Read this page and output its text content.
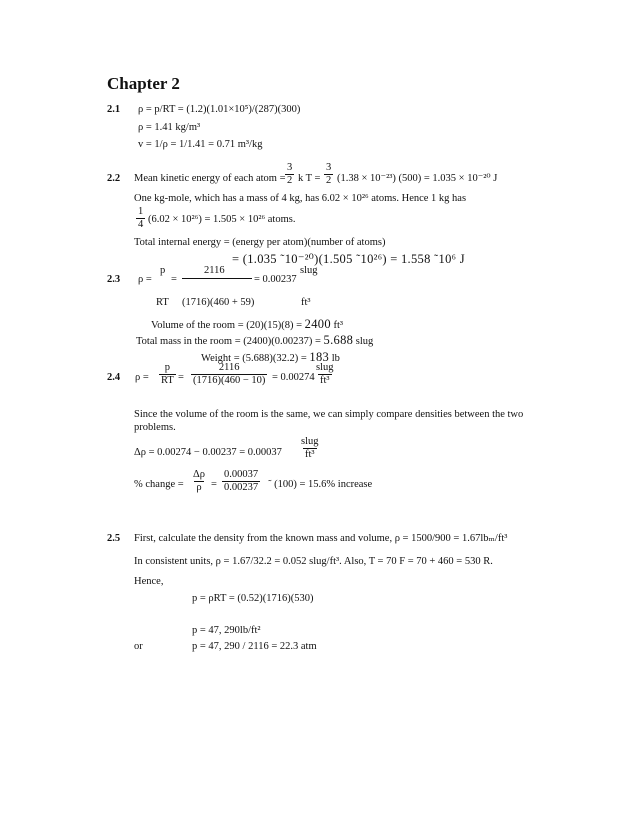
Chapter 2
2.1 ρ = p/RT = (1.2)(1.01×10⁵)/(287)(300)
ρ = 1.41 kg/m³
v = 1/ρ = 1/1.41 = 0.71 m³/kg
2.2 Mean kinetic energy of each atom = $\frac{3}{2}$ k $T = \frac{3}{2} (1.38 \times 10^{-23}) (500) = 1.035 \times 10^{-20}$ J
One kg-mole, which has a mass of 4 kg, has 6.02 × 10²⁶ atoms. Hence 1 kg has
$\frac{1}{4} (6.02 \times 10^{26}) = 1.505 \times 10^{26}$ atoms.
Total internal energy = (energy per atom)(number of atoms)
= (1.035 ˜10⁻²⁰)(1.505 ˜10²⁶) = 1.558 ˜10⁶ J
2.3 ρ =
p
=
2116
= 0.00237
slug
RT (1716)(460 + 59)	ft³
Volume of the room = (20)(15)(8) = 2400 ft³
Total mass in the room = (2400)(0.00237) = 5.688 slug
Weight = (5.688)(32.2) = 183 lb
2.4 $\rho = \frac{p}{RT} = \frac{2116}{(1716)(460 - 10)} = 0.00274$
slug
ft³
Since the volume of the room is the same, we can simply compare densities between the two
problems.
Δρ = 0.00274 − 0.00237 = 0.00037
slug
ft³
% change = $\frac{\Delta\rho}{\rho} = \frac{0.00037}{0.00237}$ ˜ (100) = 15.6% increase
2.5 First, calculate the density from the known mass and volume, ρ = 1500/900 = 1.67lbₘ/ft³
In consistent units, ρ = 1.67/32.2 = 0.052 slug/ft³. Also, T = 70 F = 70 + 460 = 530 R.
Hence,
p = ρRT = (0.52)(1716)(530)
p = 47, 290lb/ft²
or	p = 47, 290 / 2116 = 22.3 atm
